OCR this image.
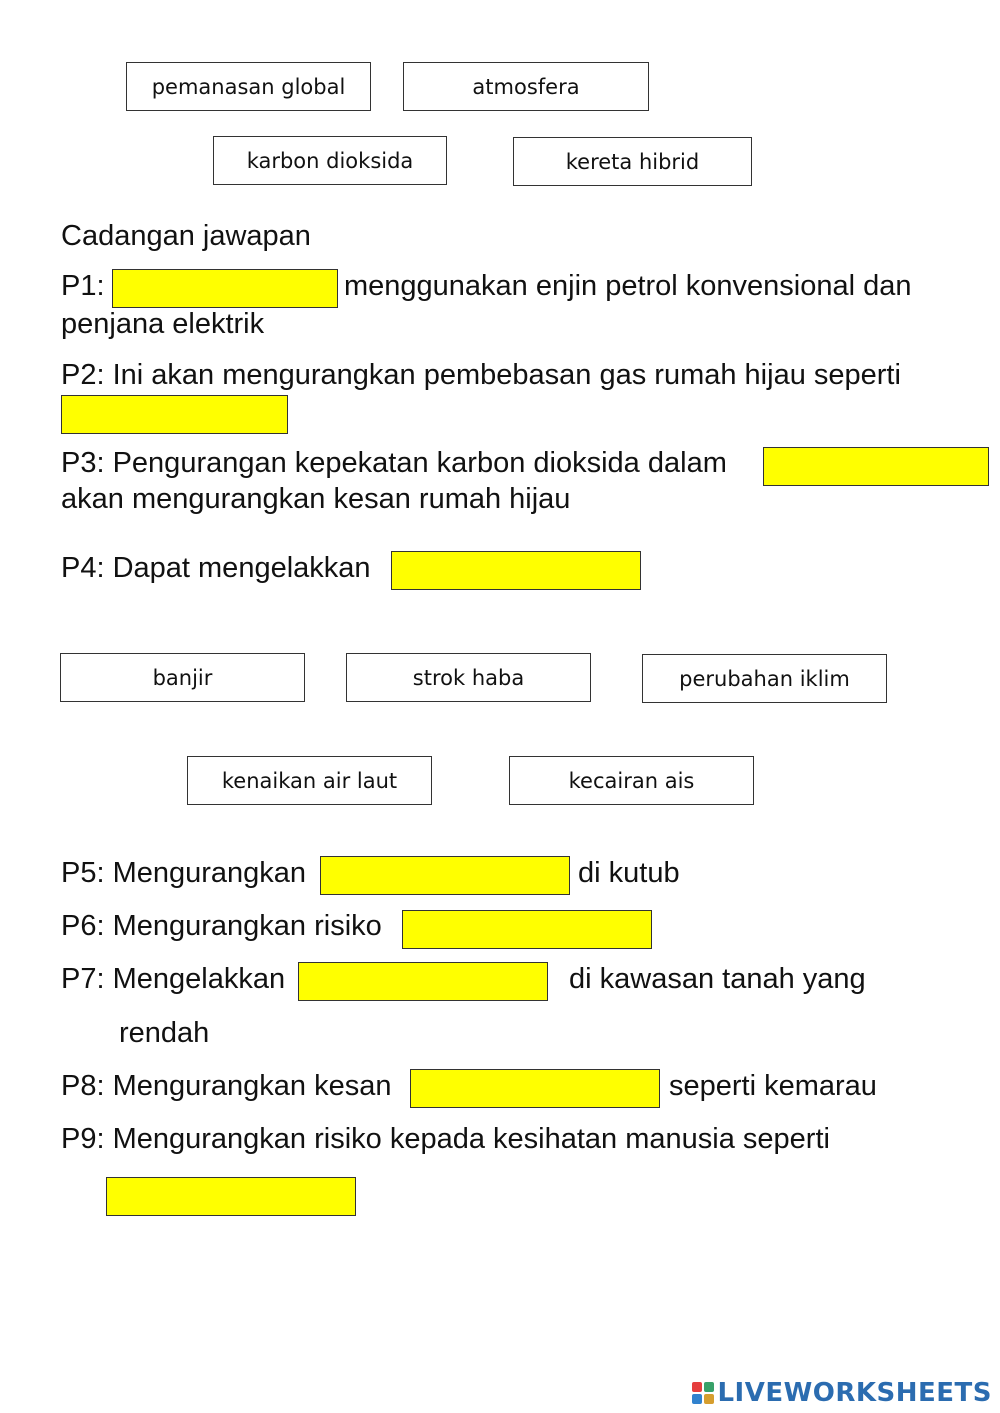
pemanasan global	atmosfera
karbon dioksida	kereta hibrid
Cadangan jawapan
P1:	menggunakan enjin petrol konvensional dan
penjana elektrik
P2: Ini akan mengurangkan pembebasan gas rumah hijau seperti
P3: Pengurangan kepekatan karbon dioksida dalam
akan mengurangkan kesan rumah hijau
P4: Dapat mengelakkan
banjir	strok haba	perubahan iklim
kenaikan air laut	kecairan ais
P5: Mengurangkan	di kutub
P6: Mengurangkan risiko
P7: Mengelakkan	di kawasan tanah yang
rendah
P8: Mengurangkan kesan	seperti kemarau
P9: Mengurangkan risiko kepada kesihatan manusia seperti
LIVEWORKSHEETS
